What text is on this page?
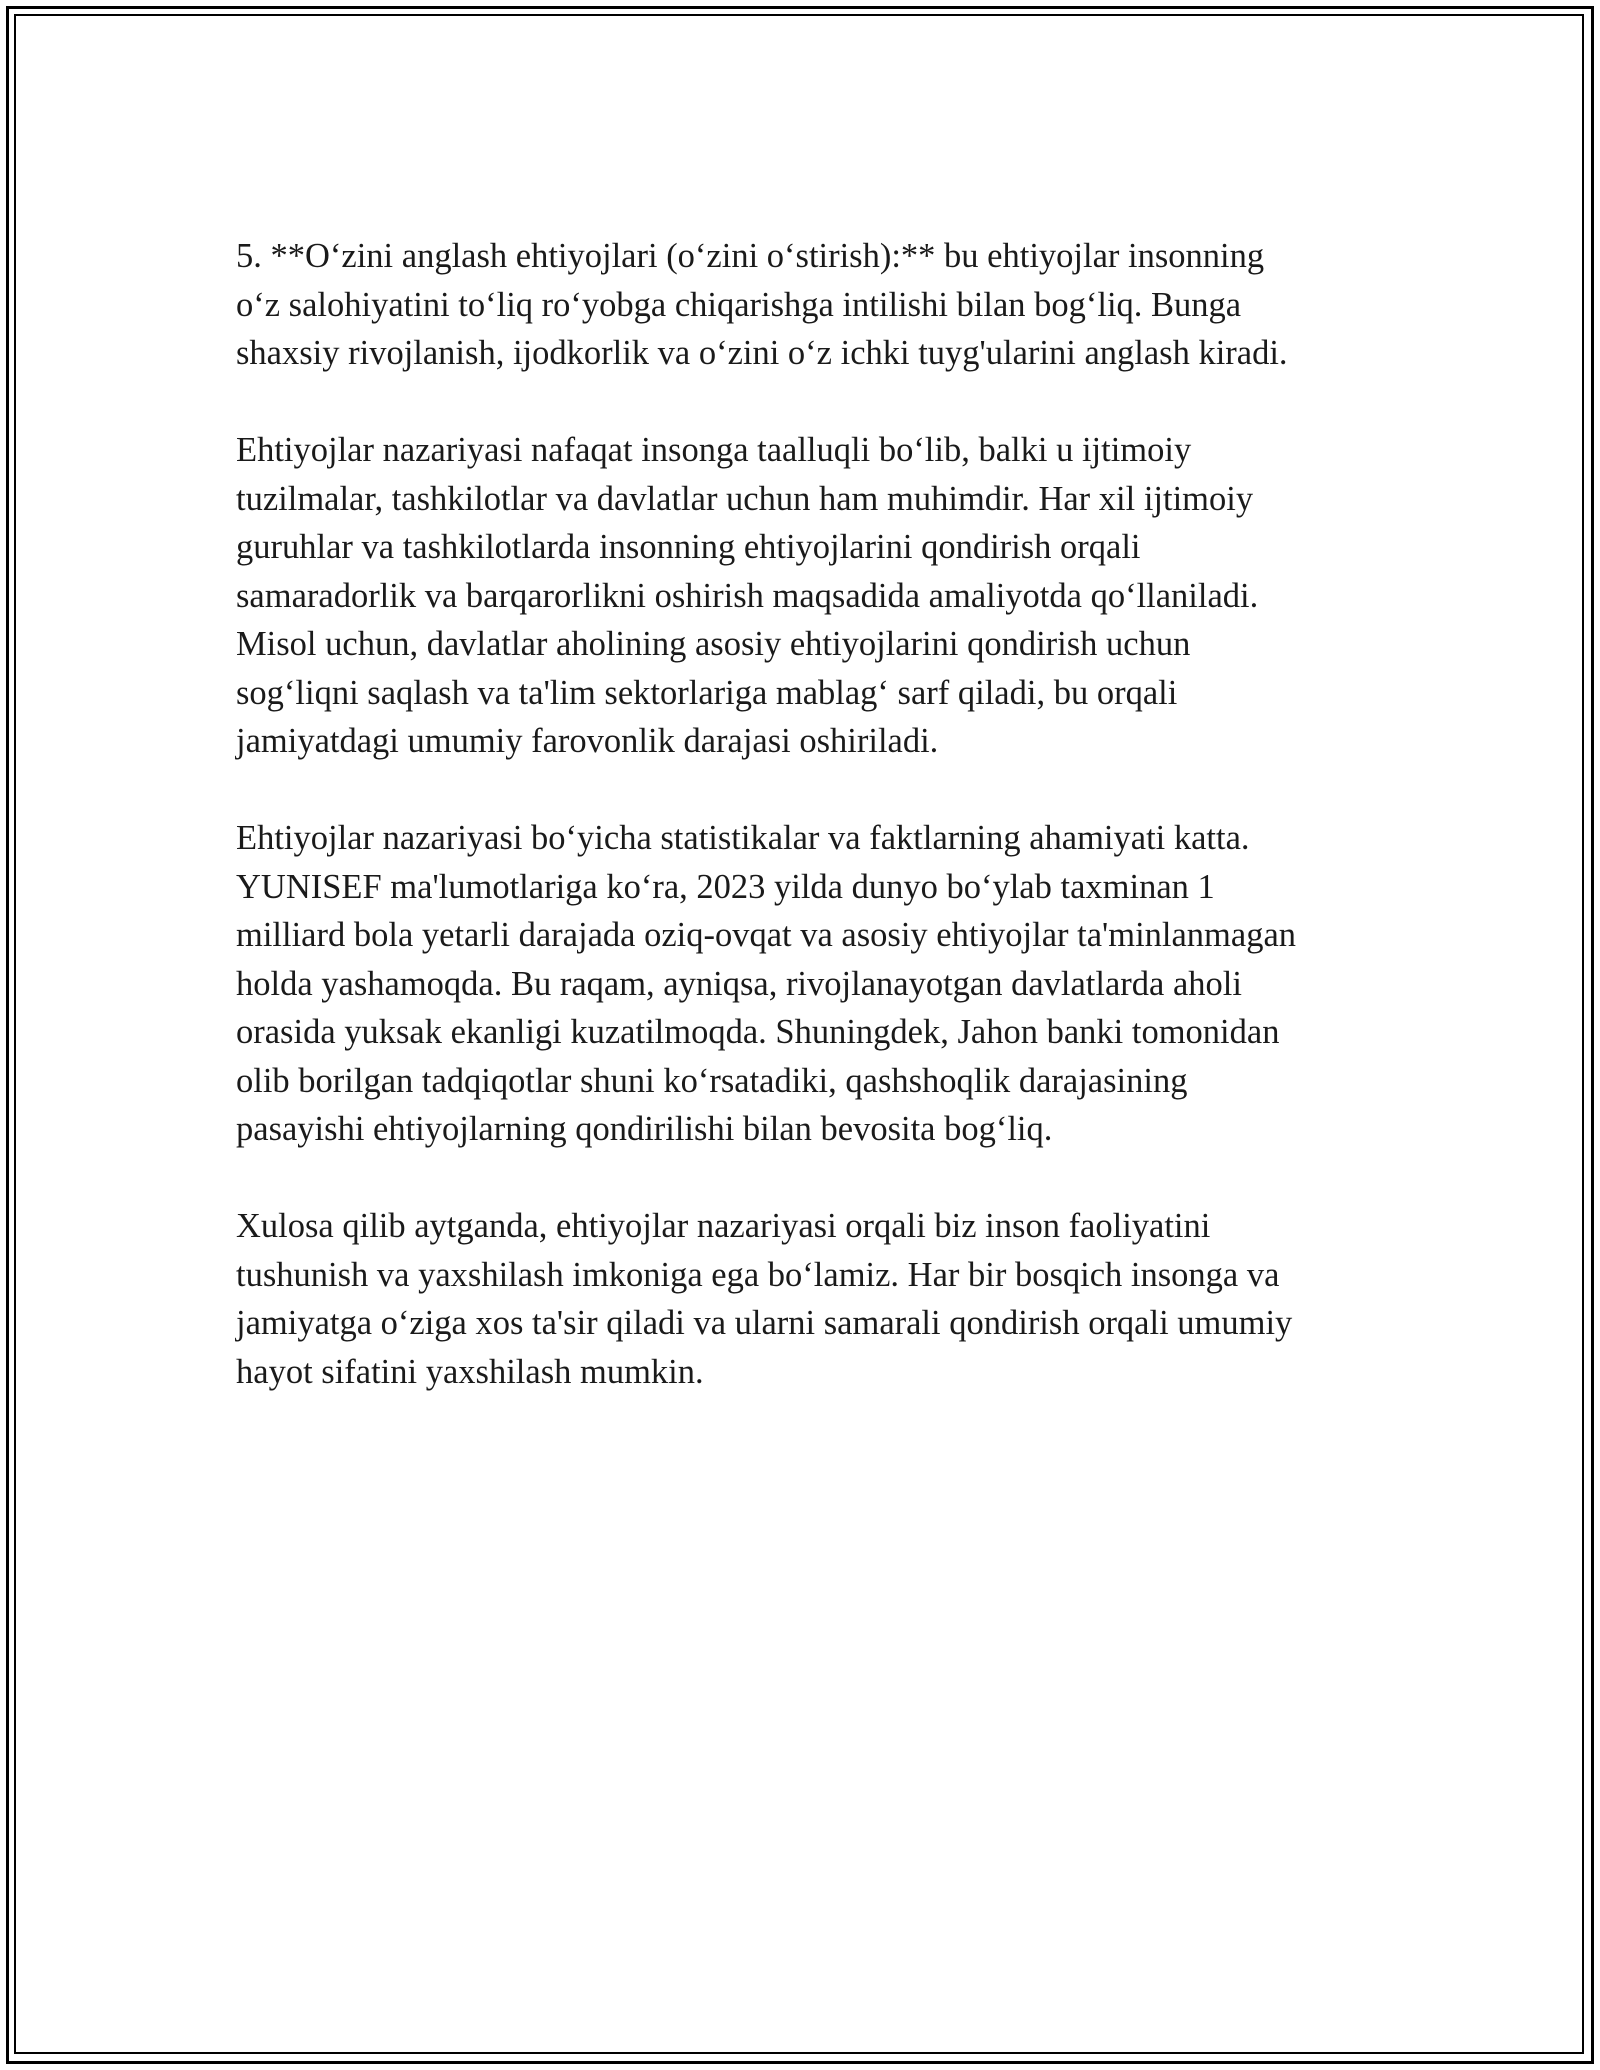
5. **O‘zini anglash ehtiyojlari (o‘zini o‘stirish):** bu ehtiyojlar insonning
o‘z salohiyatini to‘liq ro‘yobga chiqarishga intilishi bilan bog‘liq. Bunga
shaxsiy rivojlanish, ijodkorlik va o‘zini o‘z ichki tuyg'ularini anglash kiradi.

Ehtiyojlar nazariyasi nafaqat insonga taalluqli bo‘lib, balki u ijtimoiy
tuzilmalar, tashkilotlar va davlatlar uchun ham muhimdir. Har xil ijtimoiy
guruhlar va tashkilotlarda insonning ehtiyojlarini qondirish orqali
samaradorlik va barqarorlikni oshirish maqsadida amaliyotda qo‘llaniladi.
Misol uchun, davlatlar aholining asosiy ehtiyojlarini qondirish uchun
sog‘liqni saqlash va ta'lim sektorlariga mablag‘ sarf qiladi, bu orqali
jamiyatdagi umumiy farovonlik darajasi oshiriladi.

Ehtiyojlar nazariyasi bo‘yicha statistikalar va faktlarning ahamiyati katta.
YUNISEF ma'lumotlariga ko‘ra, 2023 yilda dunyo bo‘ylab taxminan 1
milliard bola yetarli darajada oziq-ovqat va asosiy ehtiyojlar ta'minlanmagan
holda yashamoqda. Bu raqam, ayniqsa, rivojlanayotgan davlatlarda aholi
orasida yuksak ekanligi kuzatilmoqda. Shuningdek, Jahon banki tomonidan
olib borilgan tadqiqotlar shuni ko‘rsatadiki, qashshoqlik darajasining
pasayishi ehtiyojlarning qondirilishi bilan bevosita bog‘liq.

Xulosa qilib aytganda, ehtiyojlar nazariyasi orqali biz inson faoliyatini
tushunish va yaxshilash imkoniga ega bo‘lamiz. Har bir bosqich insonga va
jamiyatga o‘ziga xos ta'sir qiladi va ularni samarali qondirish orqali umumiy
hayot sifatini yaxshilash mumkin.
